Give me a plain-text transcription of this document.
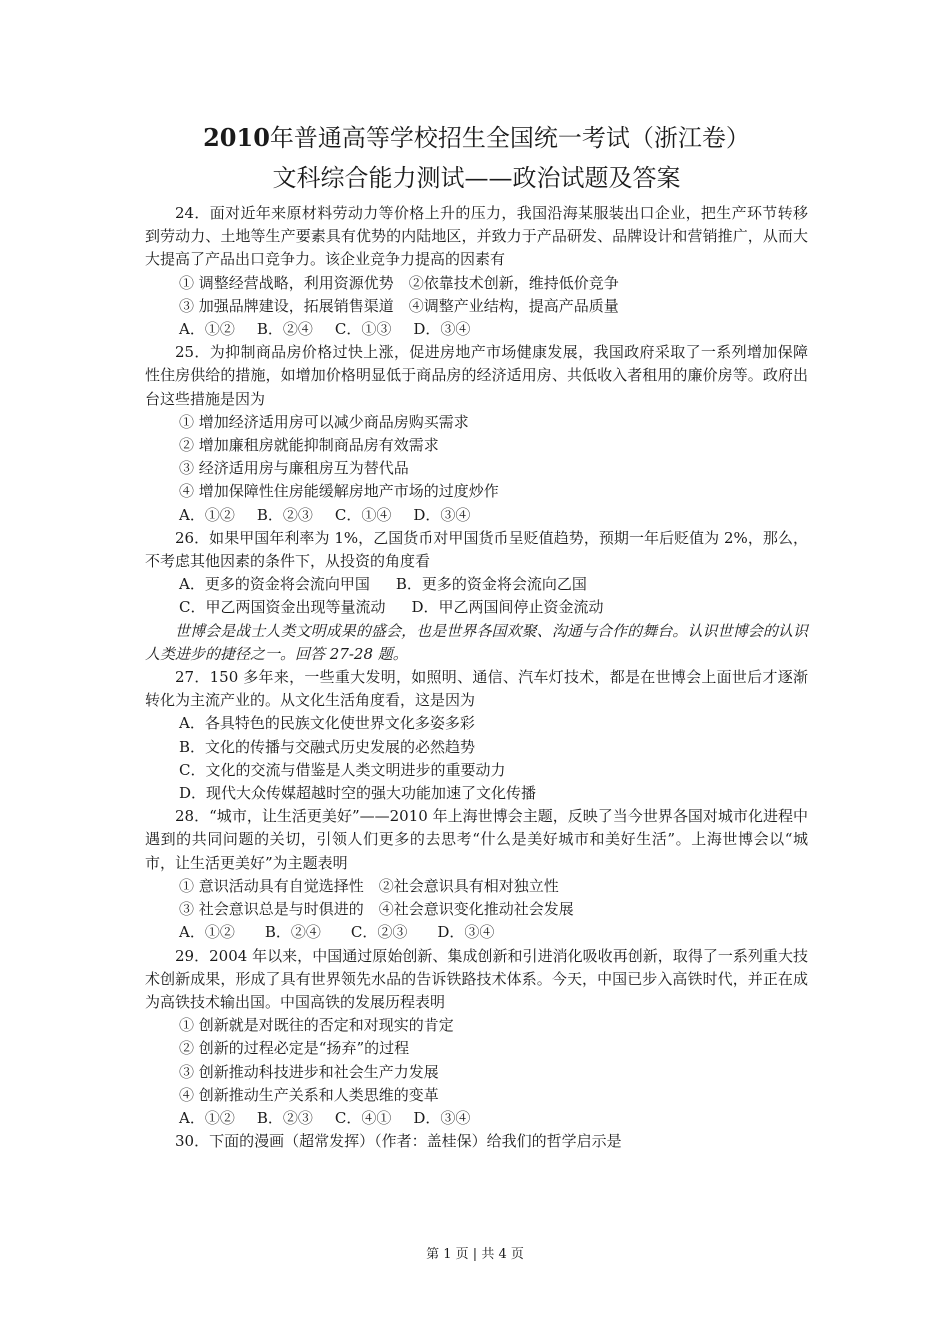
2010年普通高等学校招生全国统一考试（浙江卷）
文科综合能力测试——政治试题及答案

24．面对近年来原材料劳动力等价格上升的压力，我国沿海某服装出口企业，把生产环节转移到劳动力、土地等生产要素具有优势的内陆地区，并致力于产品研发、品牌设计和营销推广，从而大大提高了产品出口竞争力。该企业竞争力提高的因素有

① 调整经营战略，利用资源优势　②依靠技术创新，维持低价竞争

③ 加强品牌建设，拓展销售渠道　④调整产业结构，提高产品质量

A．①② B．②④ C．①③ D．③④

25．为抑制商品房价格过快上涨，促进房地产市场健康发展，我国政府采取了一系列增加保障性住房供给的措施，如增加价格明显低于商品房的经济适用房、共低收入者租用的廉价房等。政府出台这些措施是因为

① 增加经济适用房可以减少商品房购买需求

② 增加廉租房就能抑制商品房有效需求

③ 经济适用房与廉租房互为替代品

④ 增加保障性住房能缓解房地产市场的过度炒作

A．①② B．②③ C．①④ D．③④

26．如果甲国年利率为 1%，乙国货币对甲国货币呈贬值趋势，预期一年后贬值为 2%，那么，不考虑其他因素的条件下，从投资的角度看

A．更多的资金将会流向甲国 B．更多的资金将会流向乙国

C．甲乙两国资金出现等量流动 D．甲乙两国间停止资金流动

世博会是战士人类文明成果的盛会，也是世界各国欢聚、沟通与合作的舞台。认识世博会的认识人类进步的捷径之一。回答 27-28 题。

27．150 多年来，一些重大发明，如照明、通信、汽车灯技术，都是在世博会上面世后才逐渐转化为主流产业的。从文化生活角度看，这是因为

A．各具特色的民族文化使世界文化多姿多彩

B．文化的传播与交融式历史发展的必然趋势

C．文化的交流与借鉴是人类文明进步的重要动力

D．现代大众传媒超越时空的强大功能加速了文化传播

28．“城市，让生活更美好”——2010 年上海世博会主题，反映了当今世界各国对城市化进程中遇到的共同问题的关切，引领人们更多的去思考“什么是美好城市和美好生活”。上海世博会以“城市，让生活更美好”为主题表明

① 意识活动具有自觉选择性　②社会意识具有相对独立性

③ 社会意识总是与时俱进的　④社会意识变化推动社会发展

A．①② B．②④ C．②③ D．③④

29．2004 年以来，中国通过原始创新、集成创新和引进消化吸收再创新，取得了一系列重大技术创新成果，形成了具有世界领先水品的告诉铁路技术体系。今天，中国已步入高铁时代，并正在成为高铁技术输出国。中国高铁的发展历程表明

① 创新就是对既往的否定和对现实的肯定

② 创新的过程必定是“扬弃”的过程

③ 创新推动科技进步和社会生产力发展

④ 创新推动生产关系和人类思维的变革

A．①② B．②③ C．④① D．③④

30．下面的漫画（超常发挥）（作者：盖桂保）给我们的哲学启示是

第 1 页 | 共 4 页
